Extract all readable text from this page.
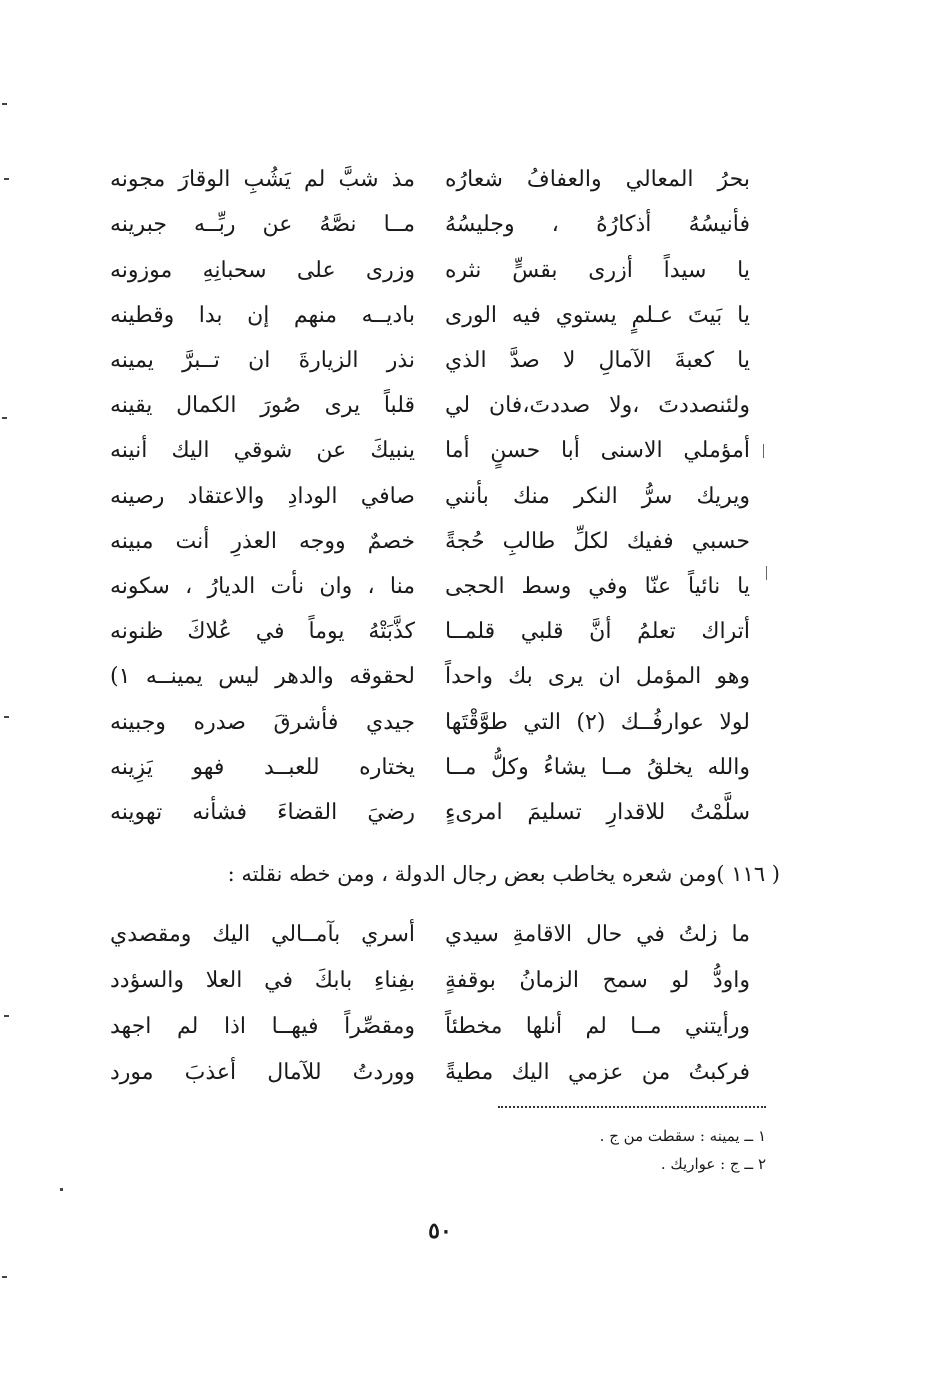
بحرُ المعالي والعفافُ شعارُه
مذ شبَّ لم يَشُبِ الوقارَ مجونه
فأنيسُهُ أذكارُهُ ، وجليسُهُ
مــا نصَّهُ عن ربِّــه جبرينه
يا سيداً أزرى بقسٍّ نثره
وزرى على سحبانِهِ موزونه
يا بَيتَ عـلمٍ يستوي فيه الورى
باديــه منهم إن بدا وقطينه
يا كعبةَ الآمالِ لا صدَّ الذي
نذر الزيارةَ ان تــبرَّ يمينه
ولئنصددتَ ،ولا صددتَ،فان لي
قلباً يرى صُورَ الكمال يقينه
أمؤملي الاسنى أبا حسنٍ أما
ينبيكَ عن شوقي اليك أنينه
ويريك سرُّ النكر منك بأنني
صافي الودادِ والاعتقاد رصينه
حسبي ففيك لكلِّ طالبِ حُجةً
خصمٌ ووجه العذرِ أنت مبينه
يا نائياً عنّا وفي وسط الحجى
منا ، وان نأت الديارُ ، سكونه
أتراك تعلمُ أنَّ قلبي قلمــا
كذَّبَتْهُ يوماً في عُلاكَ ظنونه
وهو المؤمل ان يرى بك واحداً
لحقوقه والدهر ليس يمينــه ١)
لولا عوارفُــك (٢) التي طوَّقْتَها
جيدي فأشرقَ صدره وجبينه
والله يخلقُ مــا يشاءُ وكلُّ مــا
يختاره للعبــد فهو يَزِينه
سلَّمْتُ للاقدارِ تسليمَ امرىءٍ
رضيَ القضاءَ فشأنه تهوينه
( ١١٦ )ومن شعره يخاطب بعض رجال الدولة ، ومن خطه نقلته :
ما زلتُ في حال الاقامةِ سيدي
أسري بآمــالي اليك ومقصدي
واودُّ لو سمح الزمانُ بوقفةٍ
بفِناءِ بابكَ في العلا والسؤدد
ورأيتني مــا لم أنلها مخطئاً
ومقصِّراً فيهــا اذا لم اجهد
فركبتُ من عزمي اليك مطيةً
ووردتُ للآمال أعذبَ مورد
١ ــ يمينه : سقطت من ج .
٢ ــ ج : عواريك .
٥٠
